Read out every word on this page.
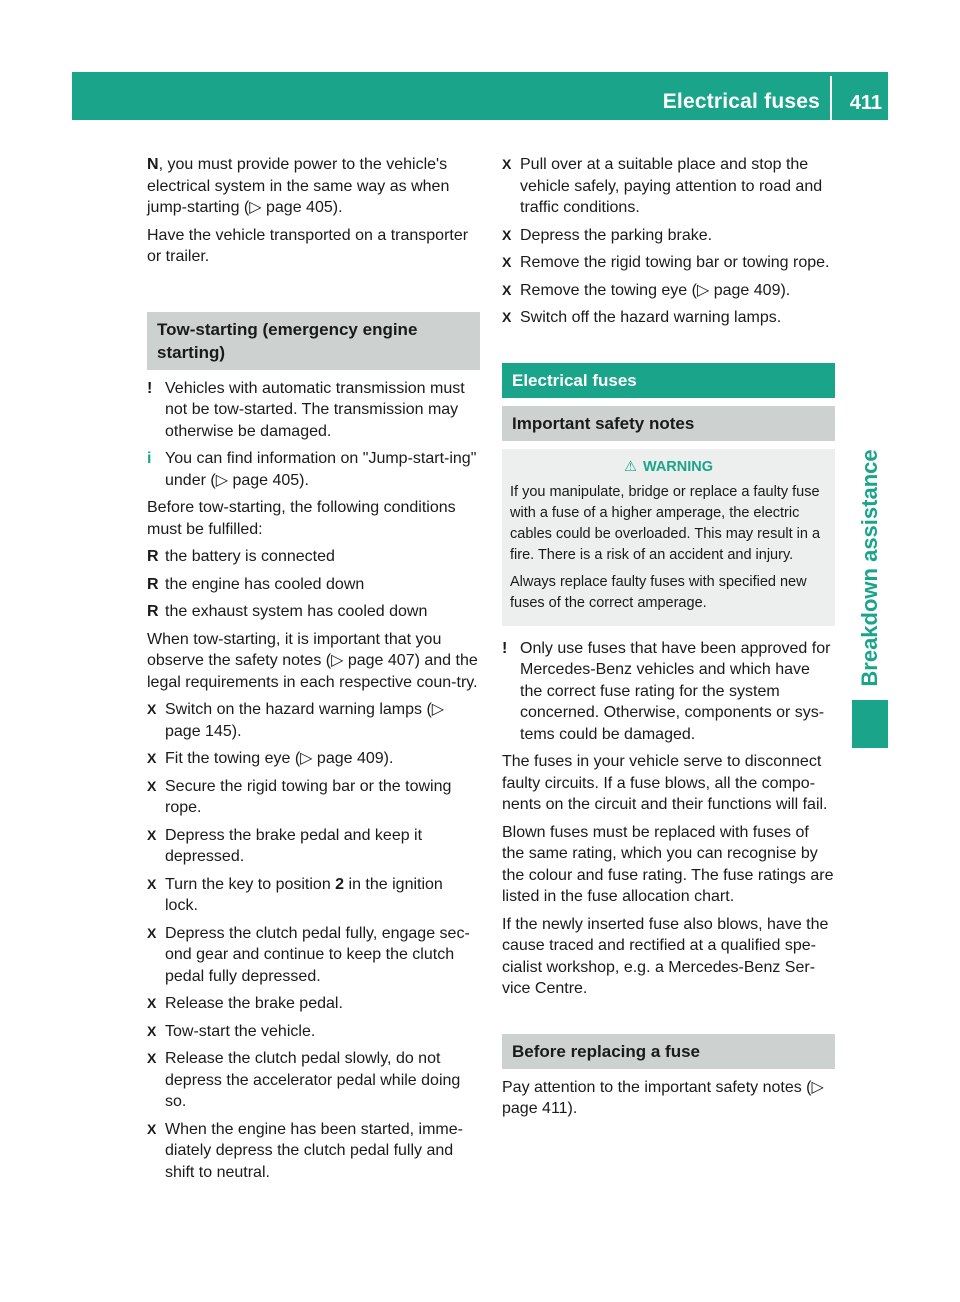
Electrical fuses 411
Breakdown assistance

N, you must provide power to the vehicle's electrical system in the same way as when jump-starting (▷ page 405).

Have the vehicle transported on a transporter or trailer.

Tow-starting (emergency engine starting)
! Vehicles with automatic transmission must not be tow-started. The transmission may otherwise be damaged.
i You can find information on "Jump-start-ing" under (▷ page 405).

Before tow-starting, the following conditions must be fulfilled:

R the battery is connected
R the engine has cooled down
R the exhaust system has cooled down

When tow-starting, it is important that you observe the safety notes (▷ page 407) and the legal requirements in each respective coun-try.

X Switch on the hazard warning lamps (▷ page 145).
X Fit the towing eye (▷ page 409).
X Secure the rigid towing bar or the towing rope.
X Depress the brake pedal and keep it depressed.
X Turn the key to position 2 in the ignition lock.
X Depress the clutch pedal fully, engage sec-ond gear and continue to keep the clutch pedal fully depressed.
X Release the brake pedal.
X Tow-start the vehicle.
X Release the clutch pedal slowly, do not depress the accelerator pedal while doing so.
X When the engine has been started, imme-diately depress the clutch pedal fully and shift to neutral.
X Pull over at a suitable place and stop the vehicle safely, paying attention to road and traffic conditions.
X Depress the parking brake.
X Remove the rigid towing bar or towing rope.
X Remove the towing eye (▷ page 409).
X Switch off the hazard warning lamps.
Electrical fuses
Important safety notes
⚠ WARNING

If you manipulate, bridge or replace a faulty fuse with a fuse of a higher amperage, the electric cables could be overloaded. This may result in a fire. There is a risk of an accident and injury.

Always replace faulty fuses with specified new fuses of the correct amperage.

! Only use fuses that have been approved for Mercedes-Benz vehicles and which have the correct fuse rating for the system concerned. Otherwise, components or sys-tems could be damaged.

The fuses in your vehicle serve to disconnect faulty circuits. If a fuse blows, all the compo-nents on the circuit and their functions will fail.

Blown fuses must be replaced with fuses of the same rating, which you can recognise by the colour and fuse rating. The fuse ratings are listed in the fuse allocation chart.

If the newly inserted fuse also blows, have the cause traced and rectified at a qualified spe-cialist workshop, e.g. a Mercedes-Benz Ser-vice Centre.

Before replacing a fuse

Pay attention to the important safety notes (▷ page 411).
